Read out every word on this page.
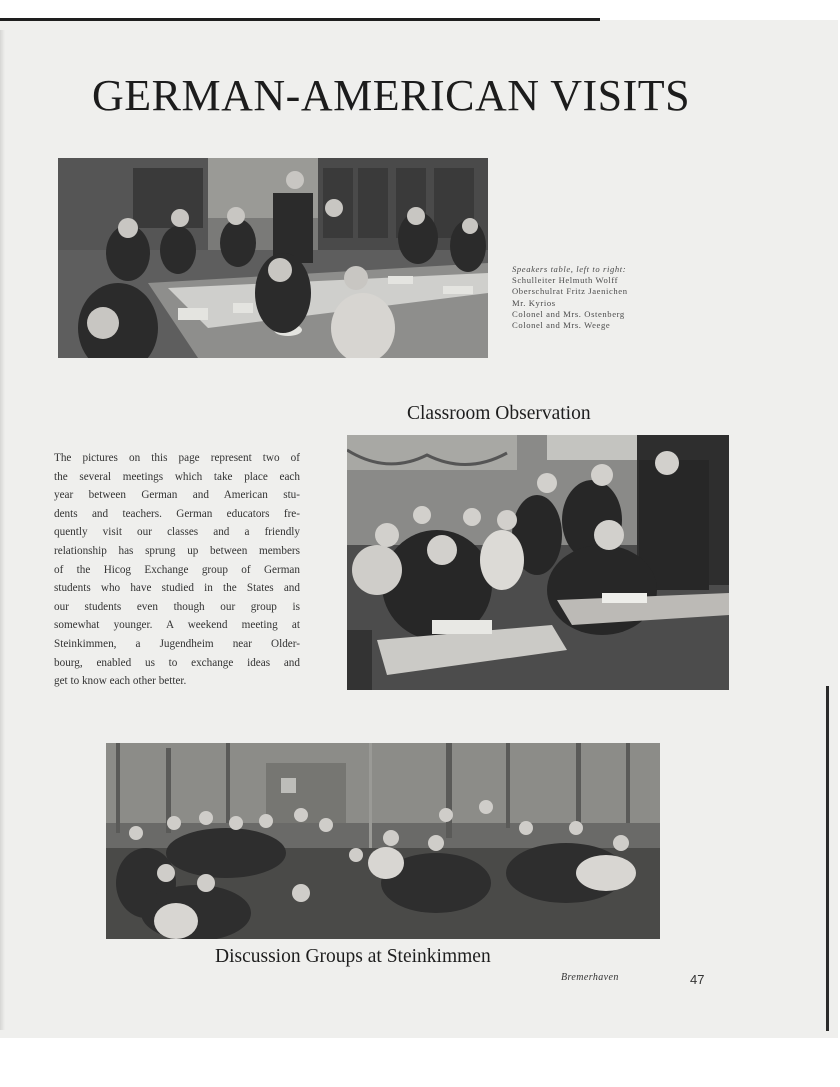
GERMAN-AMERICAN VISITS
Speakers table, left to right:
Schulleiter Helmuth Wolff
Oberschulrat Fritz Jaenichen
Mr. Kyrios
Colonel and Mrs. Ostenberg
Colonel and Mrs. Weege
Classroom Observation
The pictures on this page represent two of
the several meetings which take place each
year between German and American stu-
dents and teachers. German educators fre-
quently visit our classes and a friendly
relationship has sprung up between members
of the Hicog Exchange group of German
students who have studied in the States and
our students even though our group is
somewhat younger. A weekend meeting at
Steinkimmen, a Jugendheim near Older-
bourg, enabled us to exchange ideas and
get to know each other better.
Discussion Groups at Steinkimmen
Bremerhaven	47
